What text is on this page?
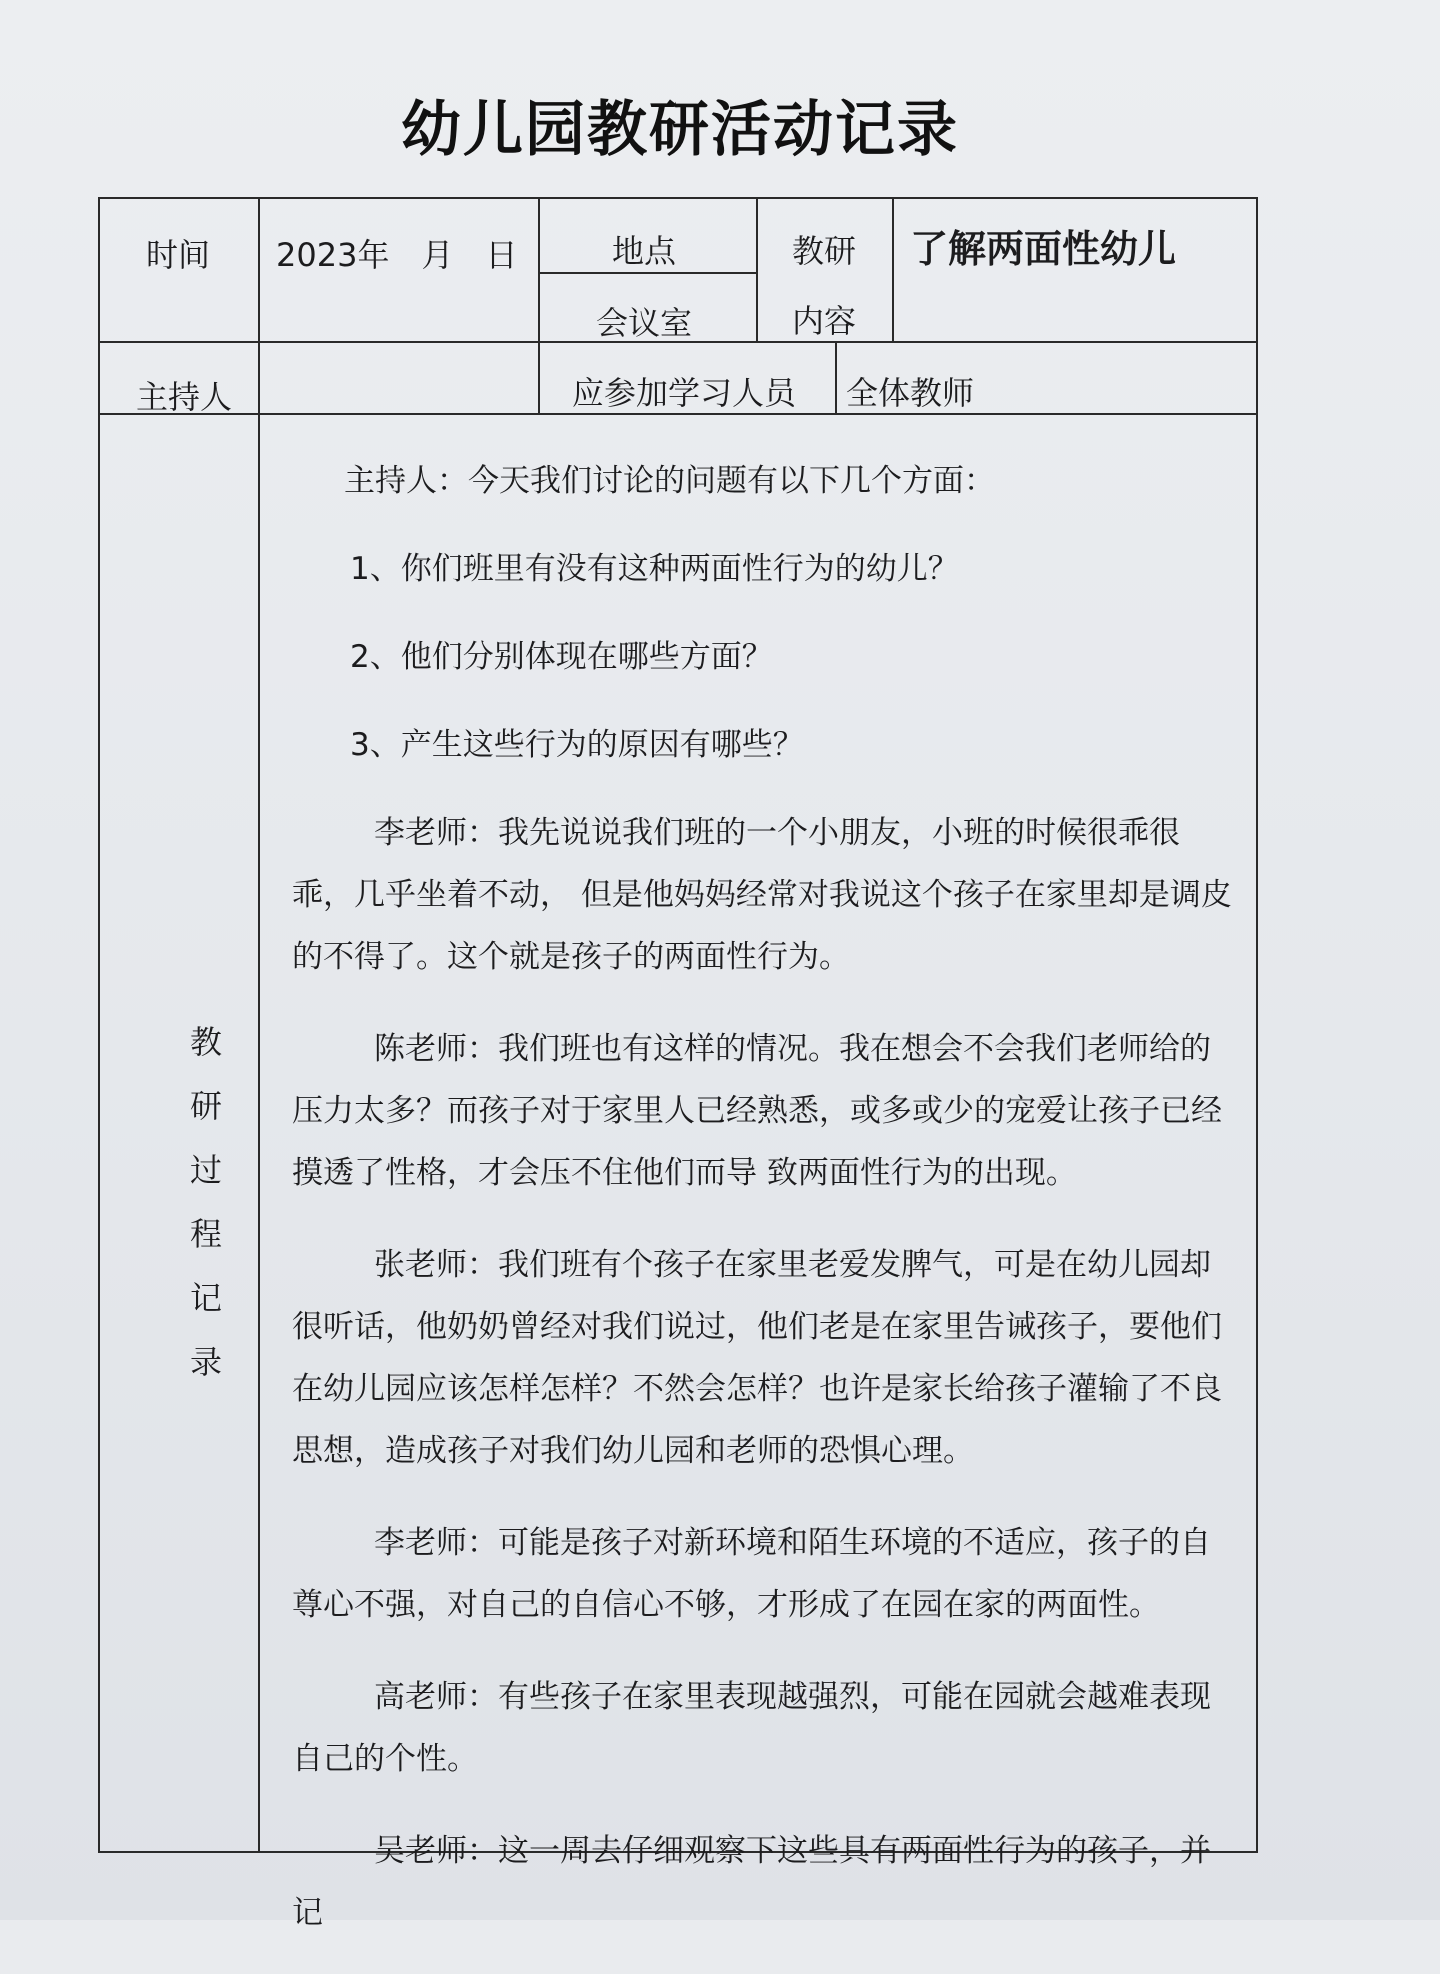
幼儿园教研活动记录
时间 2023年　月　日	地点
会议室
教研
内容
了解两面性幼儿
主持人	应参加学习人员 全体教师
教
研
过
程
记
录

主持人：今天我们讨论的问题有以下几个方面：

1、你们班里有没有这种两面性行为的幼儿？

2、他们分别体现在哪些方面？

3、产生这些行为的原因有哪些？

李老师：我先说说我们班的一个小朋友，小班的时候很乖很乖，几乎坐着不动， 但是他妈妈经常对我说这个孩子在家里却是调皮的不得了。这个就是孩子的两面性行为。

陈老师：我们班也有这样的情况。我在想会不会我们老师给的压力太多？而孩子对于家里人已经熟悉，或多或少的宠爱让孩子已经摸透了性格，才会压不住他们而导 致两面性行为的出现。

张老师：我们班有个孩子在家里老爱发脾气，可是在幼儿园却很听话，他奶奶曾经对我们说过，他们老是在家里告诫孩子，要他们在幼儿园应该怎样怎样？不然会怎样？也许是家长给孩子灌输了不良思想，造成孩子对我们幼儿园和老师的恐惧心理。

李老师：可能是孩子对新环境和陌生环境的不适应，孩子的自尊心不强，对自己的自信心不够，才形成了在园在家的两面性。

高老师：有些孩子在家里表现越强烈，可能在园就会越难表现自己的个性。

吴老师：这一周去仔细观察下这些具有两面性行为的孩子，并记
